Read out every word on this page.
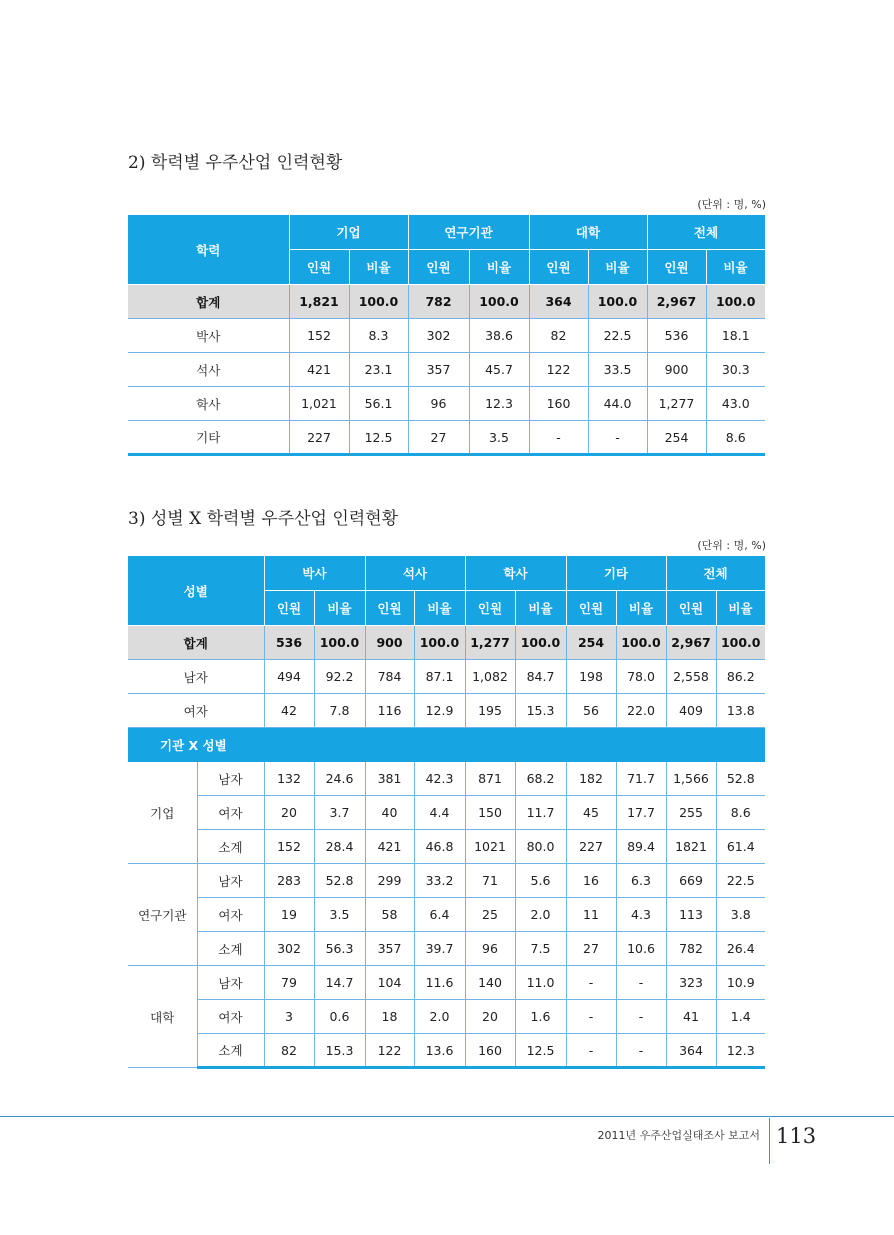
2) 학력별 우주산업 인력현황
(단위 : 명, %)
학력	기업		연구기관		대학		전체	
	인원	비율	인원	비율	인원	비율	인원	비율
합계	1,821	100.0	782	100.0	364	100.0	2,967	100.0
박사	152	8.3	302	38.6	82	22.5	536	18.1
석사	421	23.1	357	45.7	122	33.5	900	30.3
학사	1,021	56.1	96	12.3	160	44.0	1,277	43.0
기타	227	12.5	27	3.5	-	-	254	8.6
3) 성별 X 학력별 우주산업 인력현황
(단위 : 명, %)
성별		박사		석사		학사		기타		전체	
		인원	비율	인원	비율	인원	비율	인원	비율	인원	비율
합계		536	100.0	900	100.0	1,277	100.0	254	100.0	2,967	100.0
남자		494	92.2	784	87.1	1,082	84.7	198	78.0	2,558	86.2
여자		42	7.8	116	12.9	195	15.3	56	22.0	409	13.8
기관 X 성별											
기업	남자	132	24.6	381	42.3	871	68.2	182	71.7	1,566	52.8
	여자	20	3.7	40	4.4	150	11.7	45	17.7	255	8.6
	소계	152	28.4	421	46.8	1021	80.0	227	89.4	1821	61.4
연구기관	남자	283	52.8	299	33.2	71	5.6	16	6.3	669	22.5
	여자	19	3.5	58	6.4	25	2.0	11	4.3	113	3.8
	소계	302	56.3	357	39.7	96	7.5	27	10.6	782	26.4
대학	남자	79	14.7	104	11.6	140	11.0	-	-	323	10.9
	여자	3	0.6	18	2.0	20	1.6	-	-	41	1.4
	소계	82	15.3	122	13.6	160	12.5	-	-	364	12.3
2011년 우주산업실태조사 보고서 113
